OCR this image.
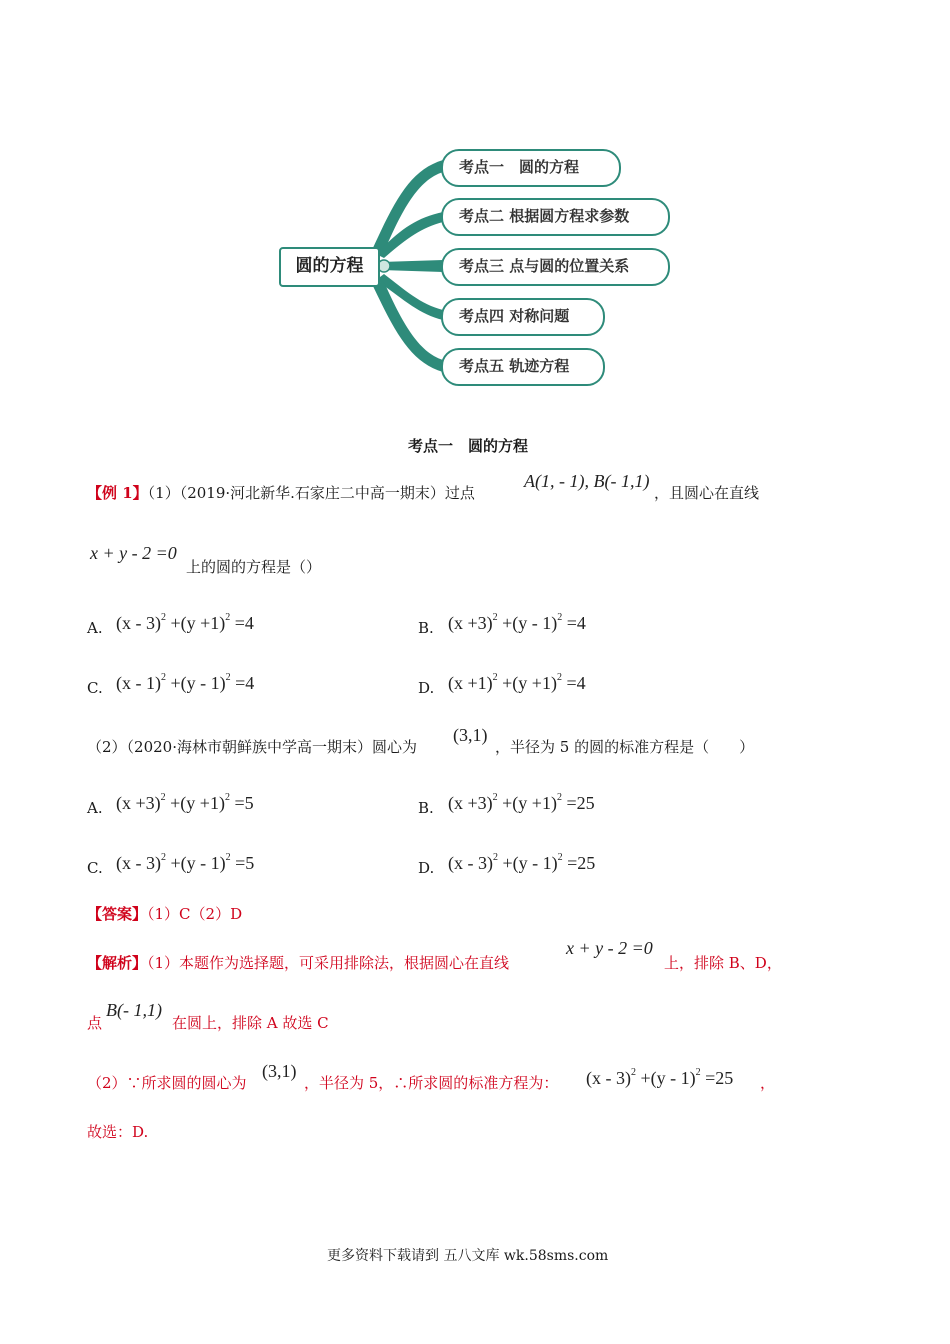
圆的方程
考点一　圆的方程
考点二 根据圆方程求参数
考点三 点与圆的位置关系
考点四 对称问题
考点五 轨迹方程
考点一　圆的方程
【例 1】（1）（2019·河北新华.石家庄二中高一期末）过点
A(1, - 1), B(- 1,1)
，且圆心在直线
x + y - 2 =0
上的圆的方程是（）
A. $(x - 3)^2 +(y +1)^2 =4$	B. $(x +3)^2 +(y - 1)^2 =4$
C. (x - 1)$^2$ +(y - 1)$^2$ =4	D. $(x +1)^2 +(y +1)^2 =4$
（2）（2020·海林市朝鲜族中学高一期末）圆心为
(3,1)
，半径为 5 的圆的标准方程是（　　）
A. $(x +3)^2 +(y +1)^2 =5$	B. $(x +3)^2 +(y +1)^2 =25$
C. (x - 3)$^2$ +(y - 1)$^2$ =5	D. (x - 3)$^2$ +(y - 1)$^2$ =25
【答案】（1）C（2）D
【解析】（1）本题作为选择题，可采用排除法，根据圆心在直线
x + y - 2 =0
上，排除 B、D，
点
B(- 1,1)
在圆上，排除 A 故选 C
（2）∵所求圆的圆心为
(3,1)
，半径为 5，∴所求圆的标准方程为： (x - 3)$^2$ +(y - 1)$^2$ =25 ，
故选：D.
更多资料下载请到 五八文库 wk.58sms.com
